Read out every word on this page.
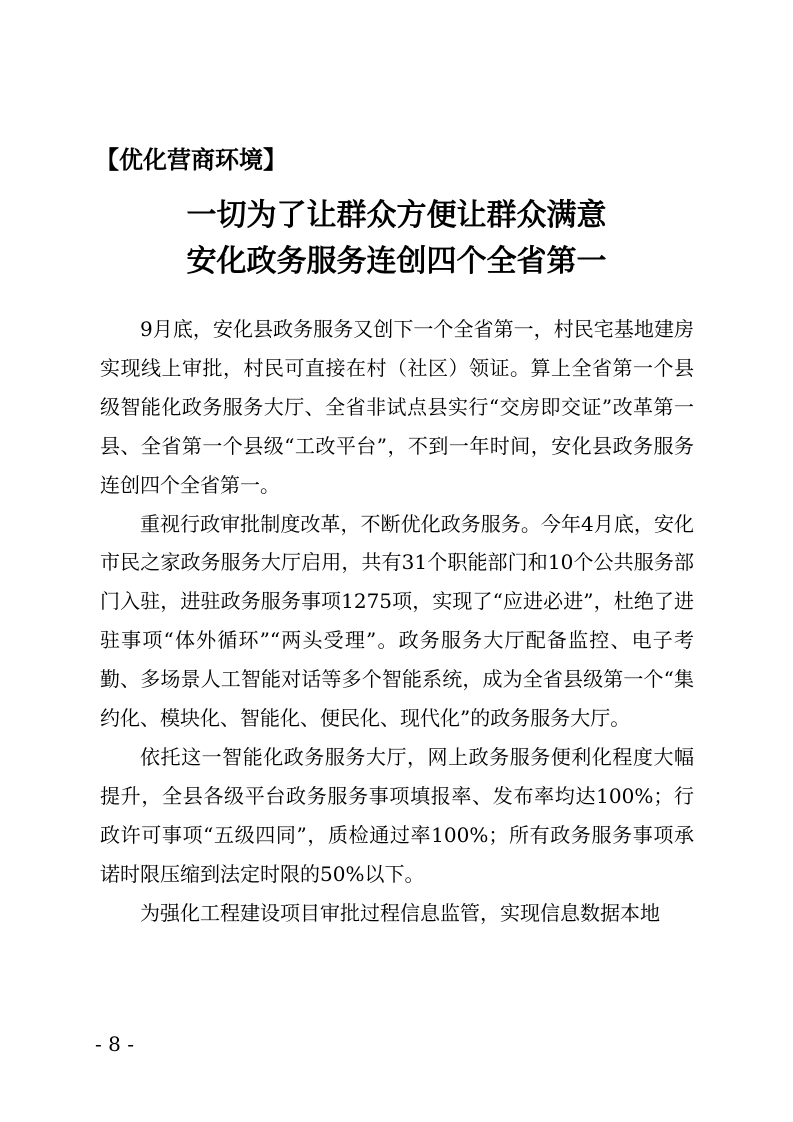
【优化营商环境】
一切为了让群众方便让群众满意
安化政务服务连创四个全省第一

9月底，安化县政务服务又创下一个全省第一，村民宅基地建房实现线上审批，村民可直接在村（社区）领证。算上全省第一个县级智能化政务服务大厅、全省非试点县实行“交房即交证”改革第一县、全省第一个县级“工改平台”，不到一年时间，安化县政务服务连创四个全省第一。

重视行政审批制度改革，不断优化政务服务。今年4月底，安化市民之家政务服务大厅启用，共有31个职能部门和10个公共服务部门入驻，进驻政务服务事项1275项，实现了“应进必进”，杜绝了进驻事项“体外循环”“两头受理”。政务服务大厅配备监控、电子考勤、多场景人工智能对话等多个智能系统，成为全省县级第一个“集约化、模块化、智能化、便民化、现代化”的政务服务大厅。

依托这一智能化政务服务大厅，网上政务服务便利化程度大幅提升，全县各级平台政务服务事项填报率、发布率均达100%；行政许可事项“五级四同”，质检通过率100%；所有政务服务事项承诺时限压缩到法定时限的50%以下。

为强化工程建设项目审批过程信息监管，实现信息数据本地

- 8 -
